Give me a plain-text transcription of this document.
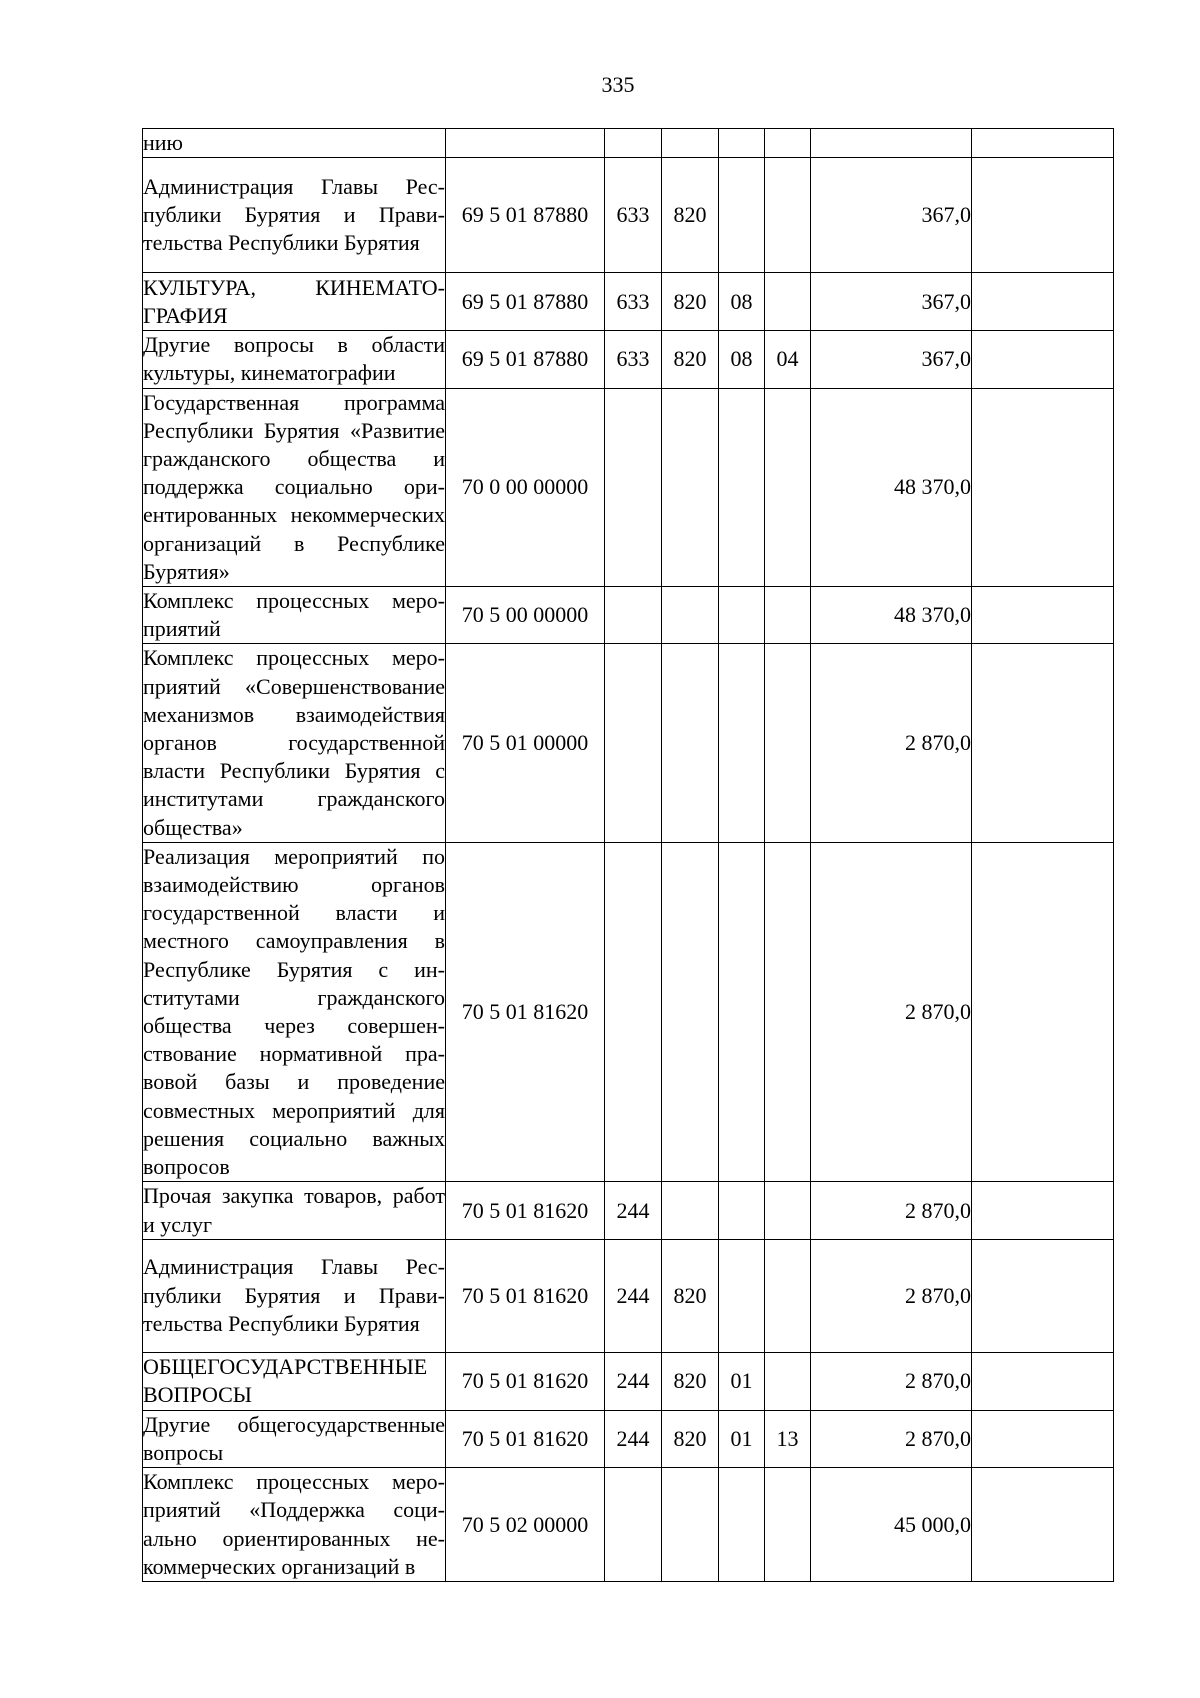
335
нию							
Администрация Главы Республики Бурятия и Правительства Республики Бурятия	69 5 01 87880	633	820			367,0	
КУЛЬТУРА, КИНЕМАТОГРАФИЯ	69 5 01 87880	633	820	08		367,0	
Другие вопросы в области культуры, кинематографии	69 5 01 87880	633	820	08	04	367,0	
Государственная программа Республики Бурятия «Развитие гражданского общества и поддержка социально ориентированных некоммерческих организаций в Республике Бурятия»	70 0 00 00000					48 370,0	
Комплекс процессных мероприятий	70 5 00 00000					48 370,0	
Комплекс процессных мероприятий «Совершенствование механизмов взаимодействия органов государственной власти Республики Бурятия с институтами гражданского общества»	70 5 01 00000					2 870,0	
Реализация мероприятий по взаимодействию органов государственной власти и местного самоуправления в Республике Бурятия с институтами гражданского общества через совершенствование нормативной правовой базы и проведение совместных мероприятий для решения социально важных вопросов	70 5 01 81620					2 870,0	
Прочая закупка товаров, работ и услуг	70 5 01 81620	244				2 870,0	
Администрация Главы Республики Бурятия и Правительства Республики Бурятия	70 5 01 81620	244	820			2 870,0	
ОБЩЕГОСУДАРСТВЕННЫЕ ВОПРОСЫ	70 5 01 81620	244	820	01		2 870,0	
Другие общегосударственные вопросы	70 5 01 81620	244	820	01	13	2 870,0	
Комплекс процессных мероприятий «Поддержка социально ориентированных некоммерческих организаций в	70 5 02 00000					45 000,0	
